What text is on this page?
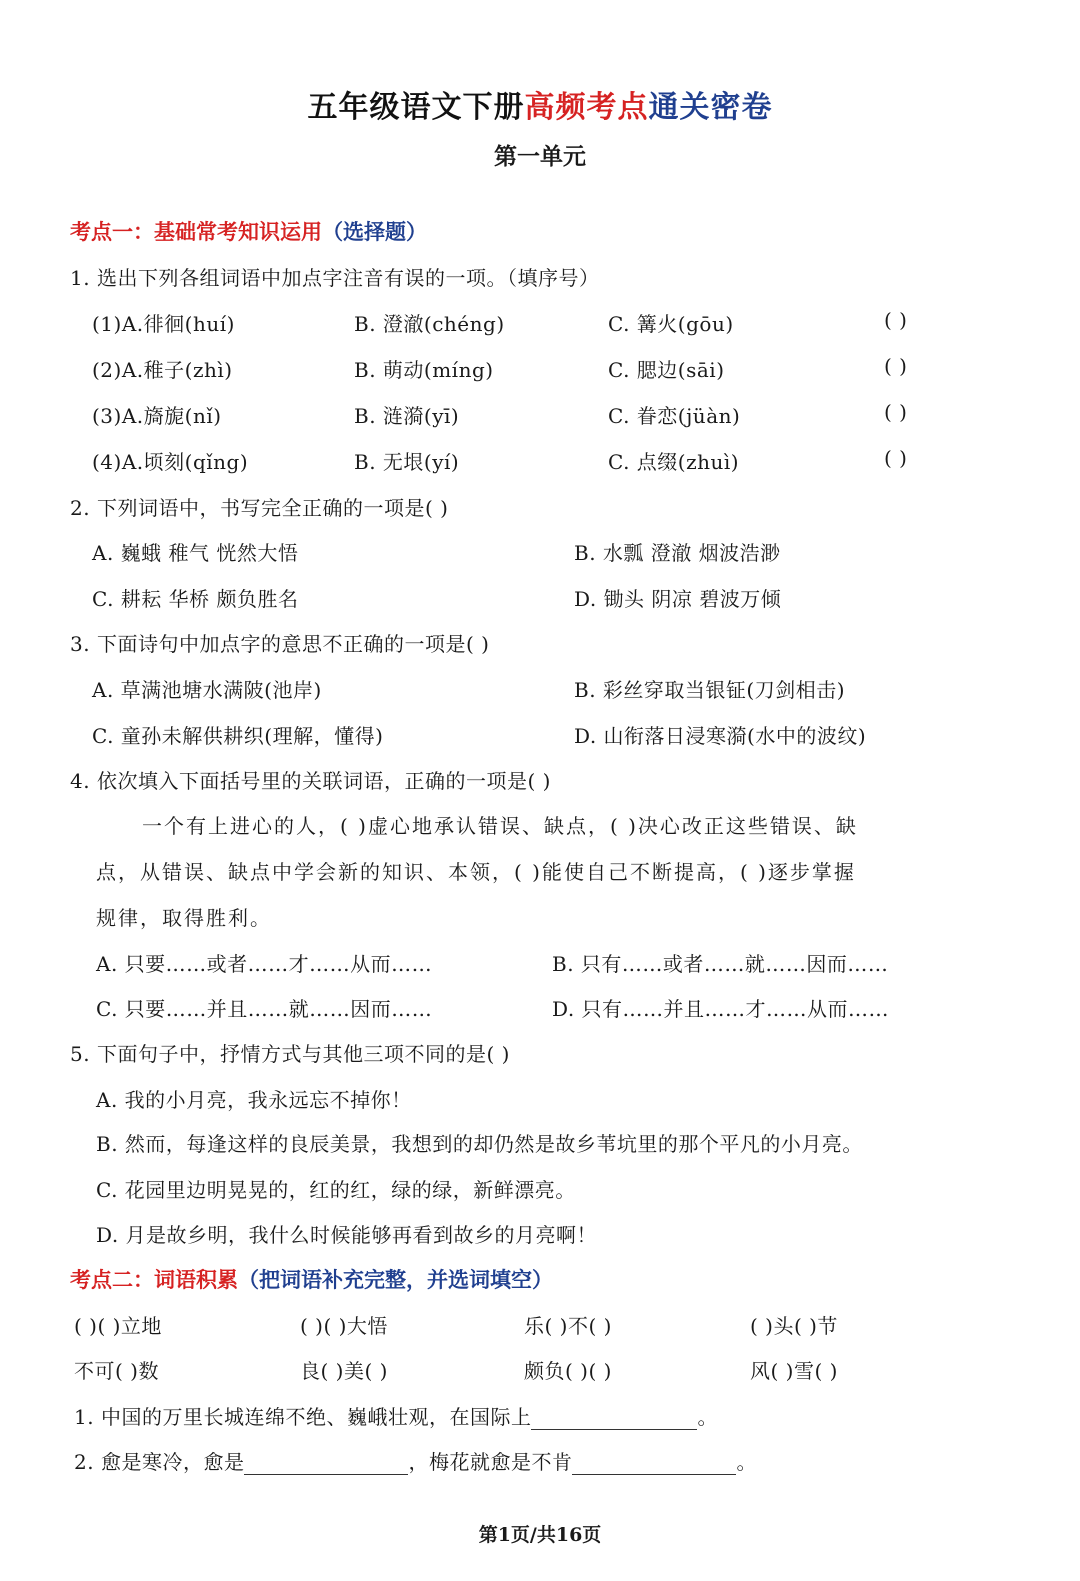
五年级语文下册高频考点通关密卷
第一单元
考点一：基础常考知识运用（选择题）
1. 选出下列各组词语中加点字注音有误的一项。（填序号）
(1)A.徘徊(huí)	B. 澄澈(chéng)	C. 篝火(gōu)	( )
(2)A.稚子(zhì)	B. 萌动(míng)	C. 腮边(sāi)	( )
(3)A.旖旎(nǐ)	B. 涟漪(yī)	C. 眷恋(jüàn)	( )
(4)A.顷刻(qǐng)	B. 无垠(yí)	C. 点缀(zhuì)	( )
2. 下列词语中，书写完全正确的一项是( )
A. 巍蛾 稚气 恍然大悟	B. 水瓢 澄澈 烟波浩渺
C. 耕耘 华桥 颇负胜名	D. 锄头 阴凉 碧波万倾
3. 下面诗句中加点字的意思不正确的一项是( )
A. 草满池塘水满陂(池岸)	B. 彩丝穿取当银钲(刀剑相击)
C. 童孙未解供耕织(理解，懂得)	D. 山衔落日浸寒漪(水中的波纹)
4. 依次填入下面括号里的关联词语，正确的一项是( )
一个有上进心的人，( )虚心地承认错误、缺点，( )决心改正这些错误、缺
点，从错误、缺点中学会新的知识、本领，( )能使自己不断提高，( )逐步掌握
规律，取得胜利。
A. 只要……或者……才……从而……	B. 只有……或者……就……因而……
C. 只要……并且……就……因而……	D. 只有……并且……才……从而……
5. 下面句子中，抒情方式与其他三项不同的是( )
A. 我的小月亮，我永远忘不掉你！
B. 然而，每逢这样的良辰美景，我想到的却仍然是故乡苇坑里的那个平凡的小月亮。
C. 花园里边明晃晃的，红的红，绿的绿，新鲜漂亮。
D. 月是故乡明，我什么时候能够再看到故乡的月亮啊！
考点二：词语积累（把词语补充完整，并选词填空）
( )( )立地	( )( )大悟	乐( )不( )	( )头( )节
不可( )数	良( )美( )	颇负( )( )	风( )雪( )
1. 中国的万里长城连绵不绝、巍峨壮观，在国际上	。
2. 愈是寒冷，愈是	，梅花就愈是不肯	。
第1页/共16页
